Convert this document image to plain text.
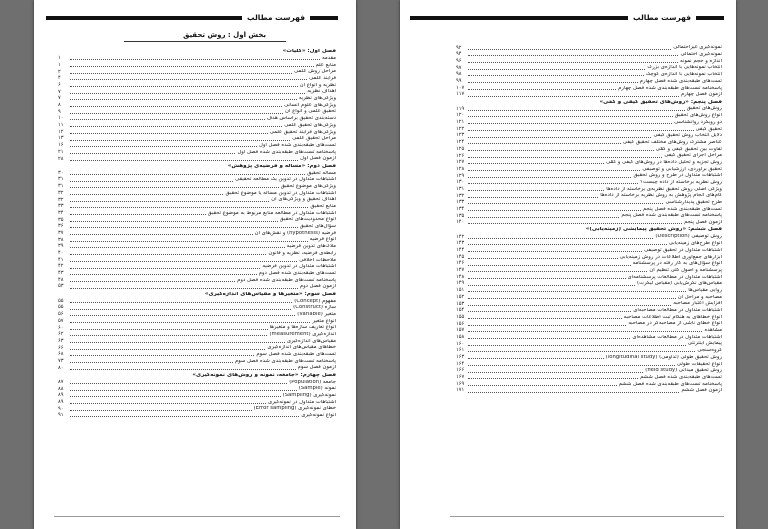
فهرست مطالب
بخش اول : روش تحقیق
فصل اول: «کلیات»
مقدمه
۱
منابع علم
۱
مراحل روش علمی
۲
فرایند علمی
۴
نظریه و انواع آن
۶
اهداف نظریه
۷
ویژگی‌های نظریه
۷
ویژگی‌های علوم انسانی
۸
تحقیق علمی و انواع آن
۹
دسته‌بندی تحقیق براساس هدف
۱۰
ویژگی‌های تحقیق علمی
۱۱
ویژگی‌های فرایند تحقیق علمی
۱۲
مراحل تحقیق علمی
۱۳
تست‌های طبقه‌بندی شده فصل اول
۱۶
پاسخنامه تست‌های طبقه‌بندی شده فصل اول
۲۱
آزمون فصل اول
۲۸
فصل دوم: «مسأله و فرضیه‌ی پژوهش»
مسأله تحقیق
۳۰
اشتباهات متداول در تدوین یک مطالعه تحقیقی
۳۱
ویژگی‌های موضوع تحقیق
۳۱
اشتباهات متداول در تدوین مسأله یا موضوع تحقیق
۳۲
اهداف تحقیق و ویژگی‌های آن
۳۲
منابع تحقیق
۳۳
اشتباهات متداول در مطالعه منابع مربوط به موضوع تحقیق
۳۴
انواع محدودیت‌های تحقیق
۳۵
سؤال‌های تحقیق
۳۶
فرضیه (hypothesis) و نقش‌های آن
۳۷
انواع فرضیه
۳۸
ملاک‌های تدوین فرضیه
۳۹
رابطه‌ی فرضیه، نظریه و قانون
۴۰
ملاحظات اخلاقی
۴۱
اشتباهات متداول در تدوین فرضیه
۴۲
تست‌های طبقه‌بندی شده فصل دوم
۴۳
پاسخنامه تست‌های طبقه‌بندی شده فصل دوم
۴۸
آزمون فصل دوم
۵۳
فصل سوم: «متغیرها و مقیاس‌های اندازه‌گیری»
مفهوم (Concept)
۵۵
سازه (Construct)
۵۵
متغیر (Variable)
۵۶
انواع متغیر
۵۷
انواع تعاریف سازه‌ها و متغیرها
۶۰
اندازه‌گیری (measurement)
۶۲
مقیاس‌های اندازه‌گیری
۶۳
خطاهای مقیاس‌های اندازه‌گیری
۶۶
تست‌های طبقه‌بندی شده فصل سوم
۶۸
پاسخنامه تست‌های طبقه‌بندی شده فصل سوم
۷۳
آزمون فصل سوم
۸۰
فصل چهارم: «جامعه، نمونه و روش‌های نمونه‌گیری»
جامعه (Population)
۸۷
نمونه (Sample)
۸۸
نمونه‌گیری (Sampling)
۸۹
اشتباهات متداول در نمونه‌گیری
۸۹
خطای نمونه‌گیری (Error sampling)
۹۰
انواع نمونه‌گیری
۹۱
فهرست مطالب
نمونه‌گیری غیراحتمالی
۹۲
نمونه‌گیری احتمالی
۹۴
اندازه و حجم نمونه
۹۶
انتخاب نمونه‌هایی با اندازه‌ی بزرگ
۹۷
انتخاب نمونه‌هایی با اندازه‌ی کوچک
۹۸
تست‌های طبقه‌بندی شده فصل چهارم
۹۹
پاسخنامه تست‌های طبقه‌بندی شده فصل چهارم
۱۰۷
آزمون فصل چهارم
۱۱۷
فصل پنجم: «روش‌های تحقیق کیفی و کمّی»
روش‌های تحقیق
۱۱۹
انواع روش‌های تحقیق
۱۲۰
دو رویکرد روانشناسی
۱۲۱
تحقیق کیفی
۱۲۲
دلایل انتخاب روش تحقیق کیفی
۱۲۳
عناصر مشترک روش‌های مختلف تحقیق کیفی
۱۲۴
تفاوت بین تحقیق کیفی و کمّی
۱۲۵
مراحل اجرای تحقیق کیفی
۱۲۶
روش تجزیه و تحلیل داده‌ها در روش‌های کیفی و کمّی
۱۲۷
تحقیق برآوردی، ارزشیابی و توصیفی
۱۲۸
اشتباهات متداول در طرح و روش تحقیق
۱۲۹
روش نظریه برخاسته از داده چیست؟
۱۳۰
ویژگی اصلی روش تحقیق نظریه‌ی برخاسته از داده‌ها
۱۳۱
گام‌های انجام پژوهش به روش نظریه برخاسته از داده‌ها
۱۳۲
طرح تحقیق پدیدارشناسی
۱۳۳
تست‌های طبقه‌بندی شده فصل پنجم
۱۳۴
پاسخنامه تست‌های طبقه‌بندی شده فصل پنجم
۱۳۵
آزمون فصل پنجم
۱۴۰
فصل ششم: «روش تحقیق پیمایشی (زمینه‌یابی)»
روش توصیفی (Description)
۱۴۲
انواع طرح‌های زمینه‌یابی
۱۴۳
اشتباهات متداول در تحقیق توصیفی
۱۴۴
ابزارهای جمع‌آوری اطلاعات در روش زمینه‌یابی
۱۴۵
انواع سؤال‌های به کار رفته در پرسشنامه
۱۴۶
پرسشنامه و اصول کلی تنظیم آن
۱۴۷
اشتباهات متداول در مطالعات پرسشنامه‌ای
۱۴۸
مقیاس‌های نگرش‌یابی (مقیاس لیکرت)
۱۴۹
روایی مقیاس‌ها
۱۵۱
مصاحبه و مراحل آن
۱۵۲
افزایش اعتبار مصاحبه
۱۵۳
اشتباهات متداول در مطالعات مصاحبه‌ای
۱۵۴
انواع خطاهای به هنگام ثبت اطلاعات مصاحبه
۱۵۵
انواع خطای ناشی از مصاحبه‌گر در مصاحبه
۱۵۶
مشاهده
۱۵۷
اشتباهات متداول در مطالعات مشاهده‌ای
۱۵۸
پیمایش اینترنتی
۱۶۰
گروه‌سنجی
۱۶۱
روش تحقیق طولی (تداومی) (longitudinal study)
۱۶۳
انواع تحقیقات طولی
۱۶۴
روش تحقیق میدانی (field study)
۱۶۶
تست‌های طبقه‌بندی شده فصل ششم
۱۶۷
پاسخنامه تست‌های طبقه‌بندی شده فصل ششم
۱۶۹
آزمون فصل ششم
۱۷۱
